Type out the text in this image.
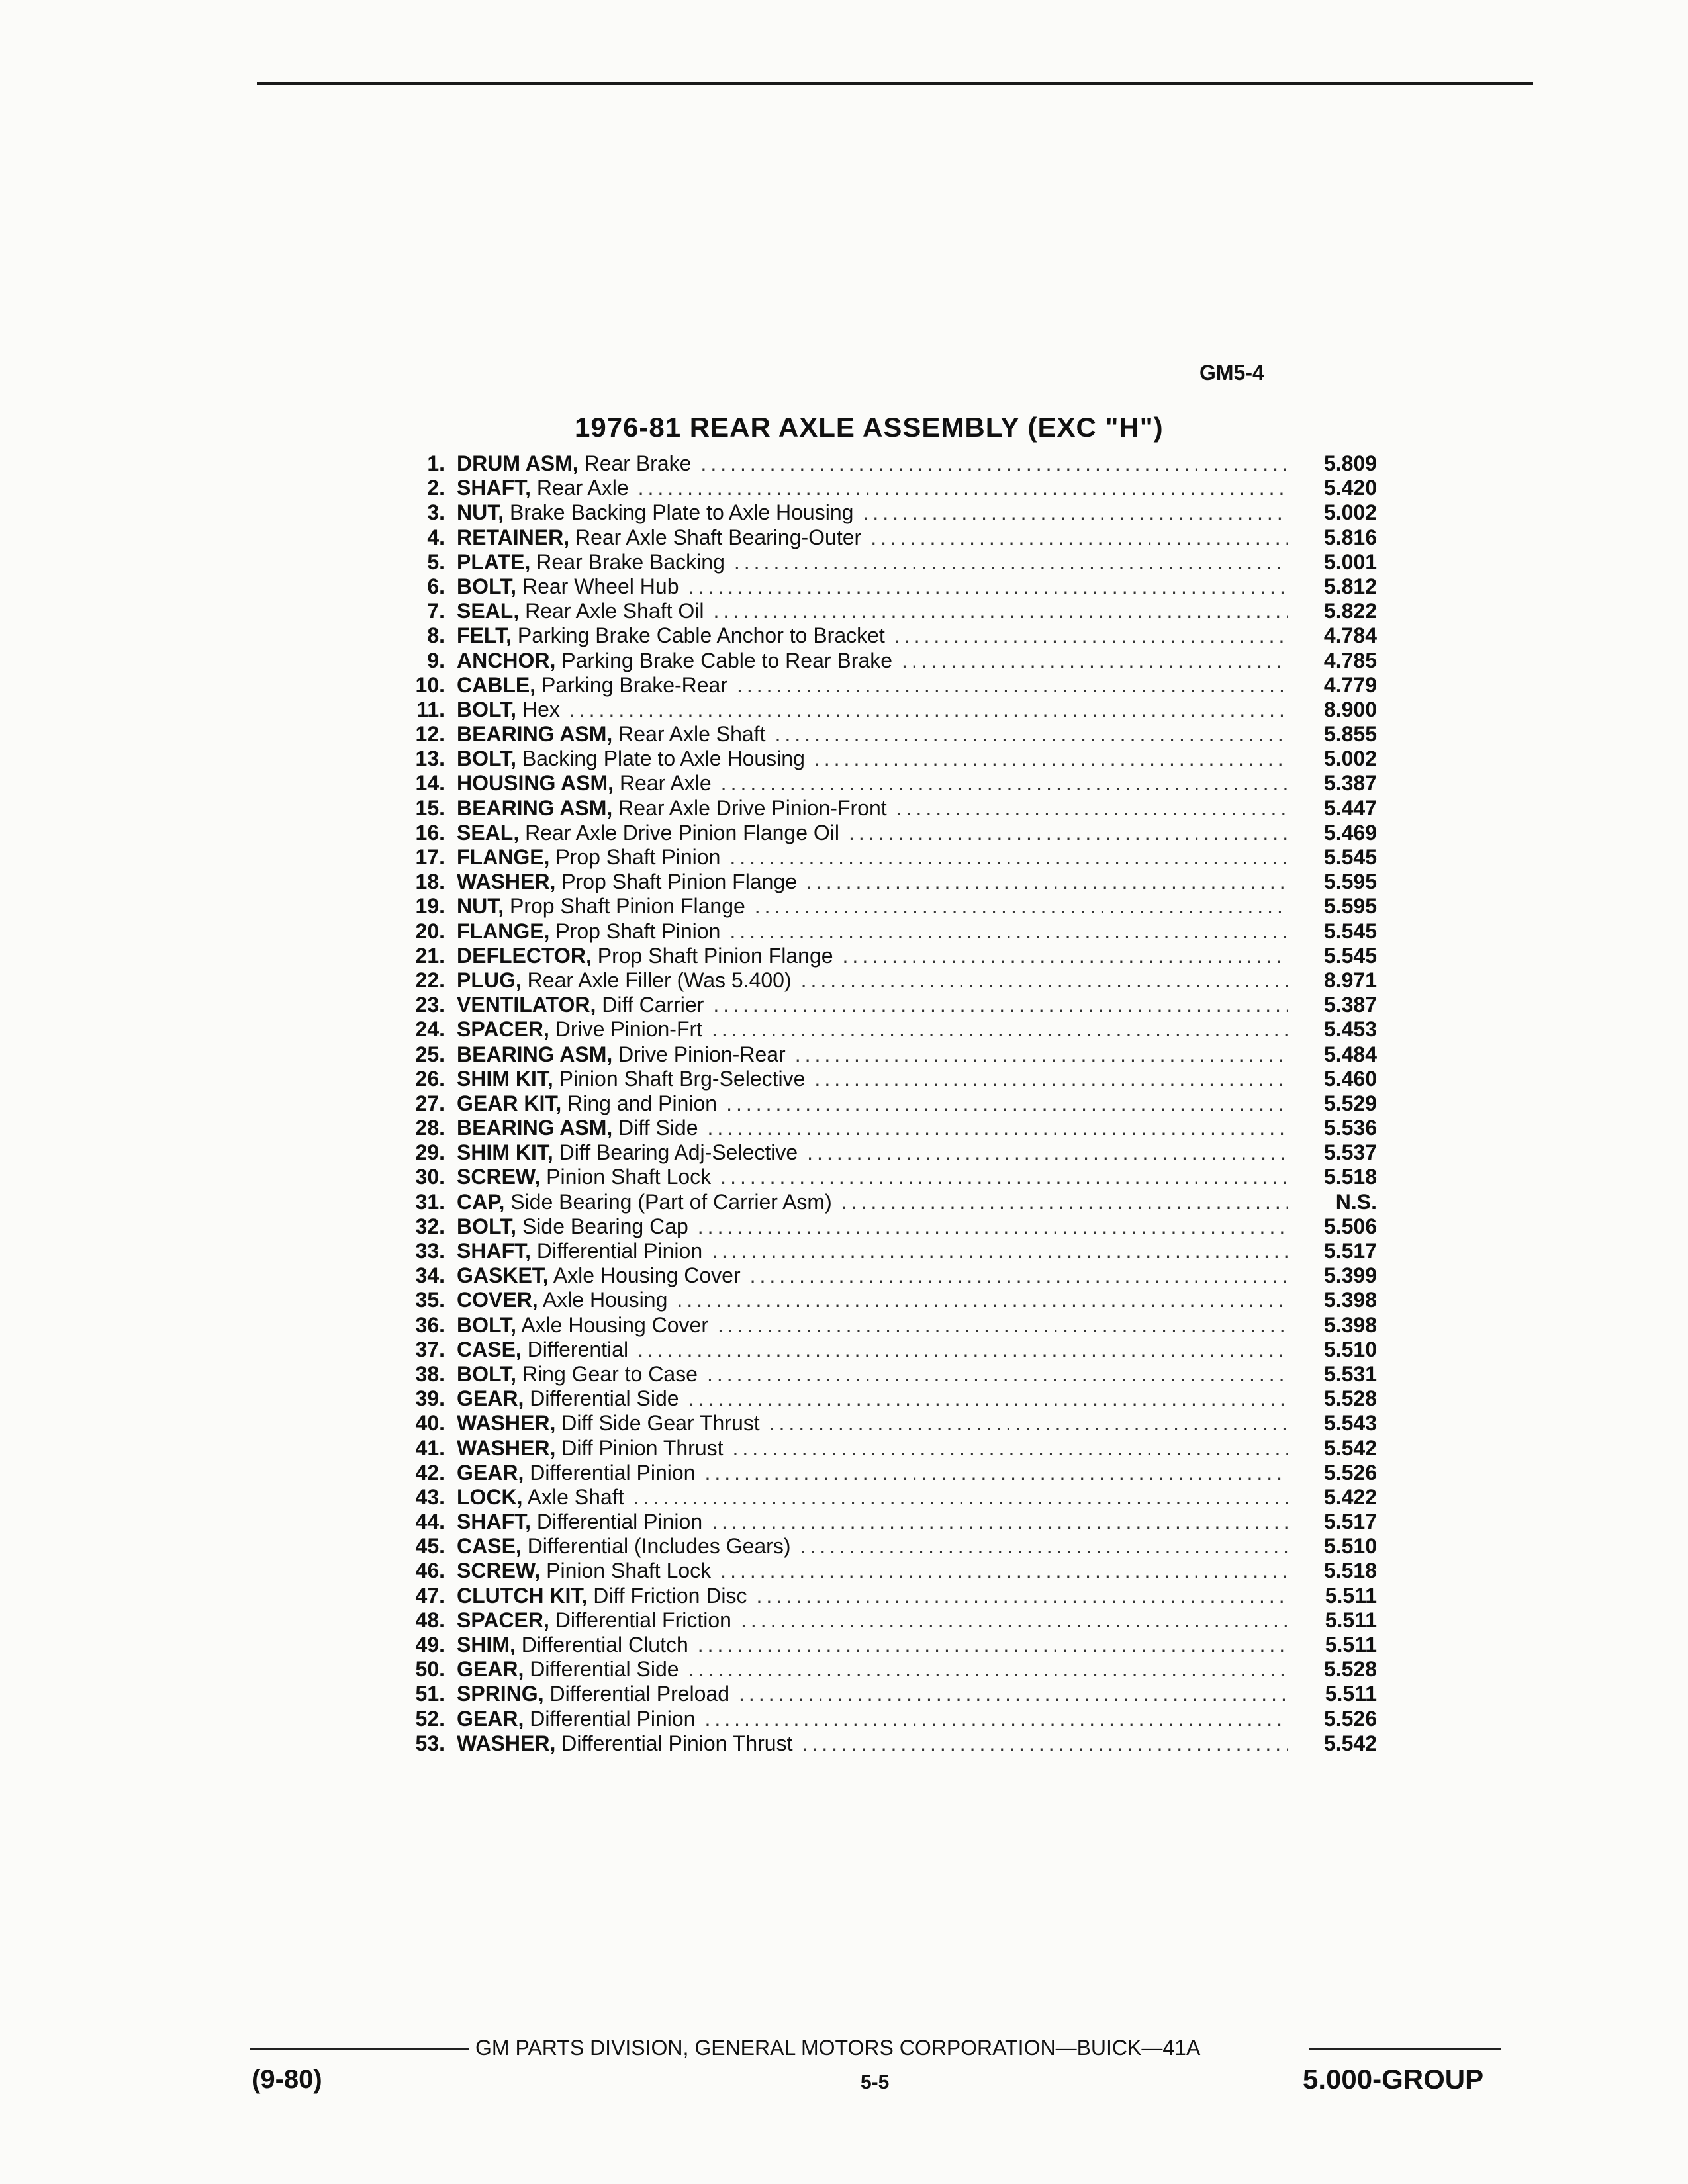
GM5-4
1976-81 REAR AXLE ASSEMBLY (EXC "H")
1. DRUM ASM, Rear Brake .....	5.809
2. SHAFT, Rear Axle .....	5.420
3. NUT, Brake Backing Plate to Axle Housing .....	5.002
4. RETAINER, Rear Axle Shaft Bearing-Outer .....	5.816
5. PLATE, Rear Brake Backing .....	5.001
6. BOLT, Rear Wheel Hub .....	5.812
7. SEAL, Rear Axle Shaft Oil .....	5.822
8. FELT, Parking Brake Cable Anchor to Bracket .....	4.784
9. ANCHOR, Parking Brake Cable to Rear Brake .....	4.785
10. CABLE, Parking Brake-Rear .....	4.779
11. BOLT, Hex .....	8.900
12. BEARING ASM, Rear Axle Shaft .....	5.855
13. BOLT, Backing Plate to Axle Housing .....	5.002
14. HOUSING ASM, Rear Axle .....	5.387
15. BEARING ASM, Rear Axle Drive Pinion-Front .....	5.447
16. SEAL, Rear Axle Drive Pinion Flange Oil .....	5.469
17. FLANGE, Prop Shaft Pinion .....	5.545
18. WASHER, Prop Shaft Pinion Flange .....	5.595
19. NUT, Prop Shaft Pinion Flange .....	5.595
20. FLANGE, Prop Shaft Pinion .....	5.545
21. DEFLECTOR, Prop Shaft Pinion Flange .....	5.545
22. PLUG, Rear Axle Filler (Was 5.400) .....	8.971
23. VENTILATOR, Diff Carrier .....	5.387
24. SPACER, Drive Pinion-Frt .....	5.453
25. BEARING ASM, Drive Pinion-Rear .....	5.484
26. SHIM KIT, Pinion Shaft Brg-Selective .....	5.460
27. GEAR KIT, Ring and Pinion .....	5.529
28. BEARING ASM, Diff Side .....	5.536
29. SHIM KIT, Diff Bearing Adj-Selective .....	5.537
30. SCREW, Pinion Shaft Lock .....	5.518
31. CAP, Side Bearing (Part of Carrier Asm) .....	N.S.
32. BOLT, Side Bearing Cap .....	5.506
33. SHAFT, Differential Pinion .....	5.517
34. GASKET, Axle Housing Cover .....	5.399
35. COVER, Axle Housing .....	5.398
36. BOLT, Axle Housing Cover .....	5.398
37. CASE, Differential .....	5.510
38. BOLT, Ring Gear to Case .....	5.531
39. GEAR, Differential Side .....	5.528
40. WASHER, Diff Side Gear Thrust .....	5.543
41. WASHER, Diff Pinion Thrust .....	5.542
42. GEAR, Differential Pinion .....	5.526
43. LOCK, Axle Shaft .....	5.422
44. SHAFT, Differential Pinion .....	5.517
45. CASE, Differential (Includes Gears) .....	5.510
46. SCREW, Pinion Shaft Lock .....	5.518
47. CLUTCH KIT, Diff Friction Disc .....	5.511
48. SPACER, Differential Friction .....	5.511
49. SHIM, Differential Clutch .....	5.511
50. GEAR, Differential Side .....	5.528
51. SPRING, Differential Preload .....	5.511
52. GEAR, Differential Pinion .....	5.526
53. WASHER, Differential Pinion Thrust .....	5.542
GM PARTS DIVISION, GENERAL MOTORS CORPORATION—BUICK—41A
(9-80)	5-5	5.000-GROUP
